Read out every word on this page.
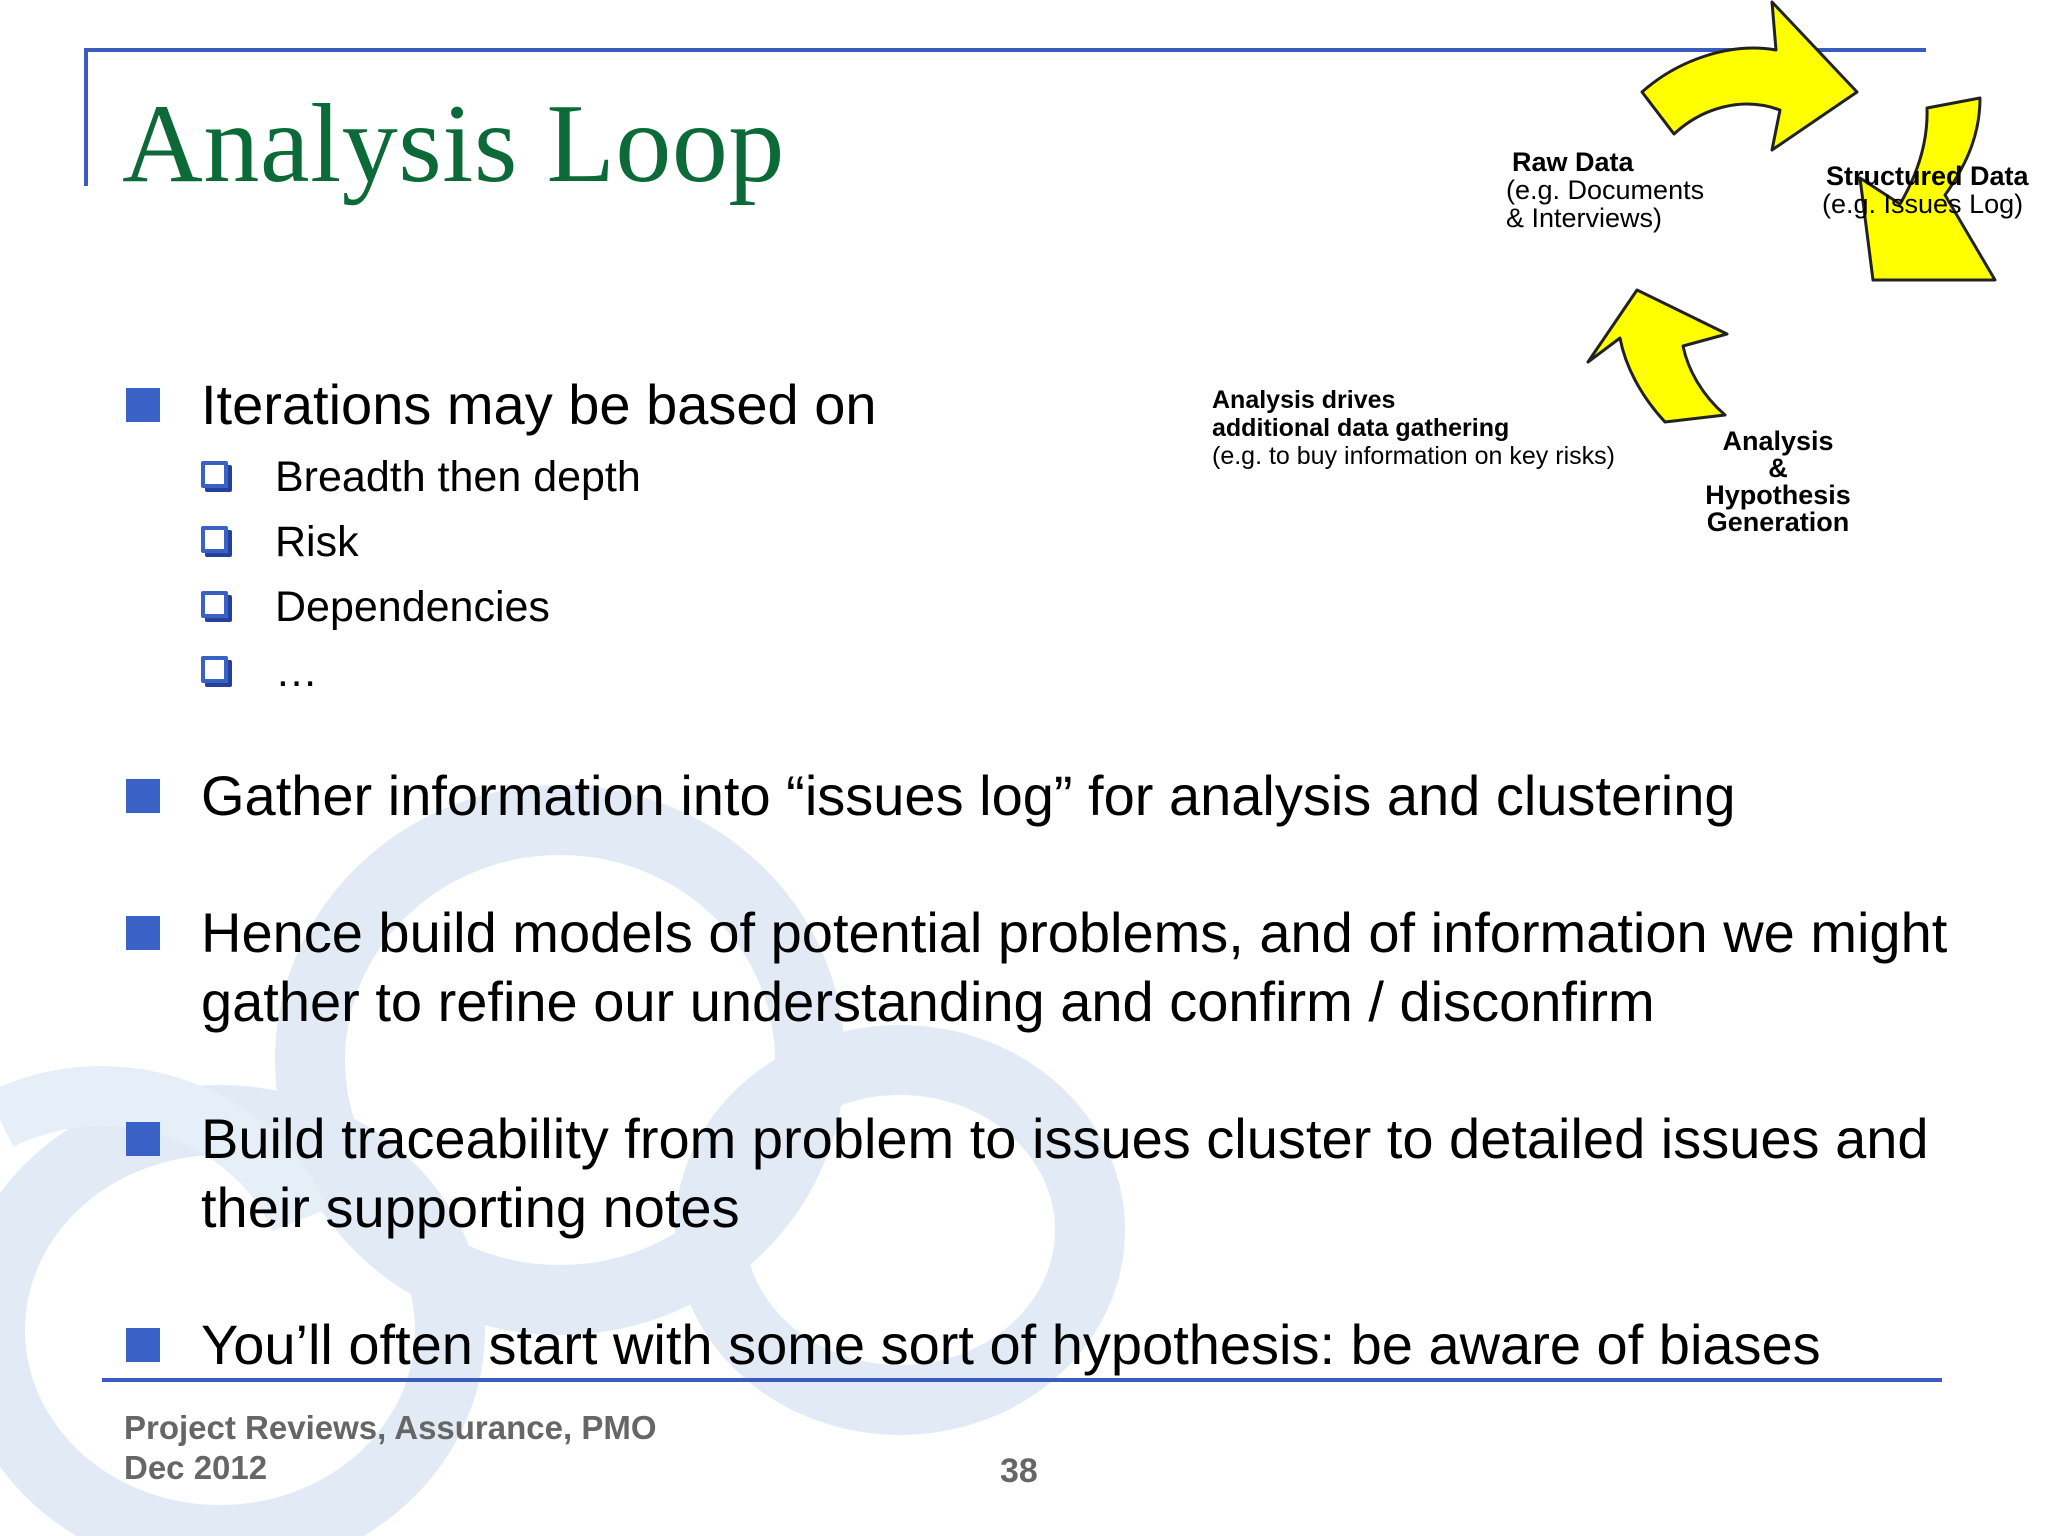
Analysis Loop	Raw Data
(e.g. Documents
& Interviews)
Structured Data
(e.g. Issues Log)
Analysis
&
Hypothesis
Generation
Analysis drives
additional data gathering
(e.g. to buy information on key risks)
Iterations may be based on
Breadth then depth
Risk
Dependencies
…
Gather information into “issues log” for analysis and clustering
Hence build models of potential problems, and of information we might gather to refine our understanding and confirm / disconfirm
Build traceability from problem to issues cluster to detailed issues and their supporting notes
You’ll often start with some sort of hypothesis: be aware of biases
Project Reviews, Assurance, PMO
Dec 2012	38
